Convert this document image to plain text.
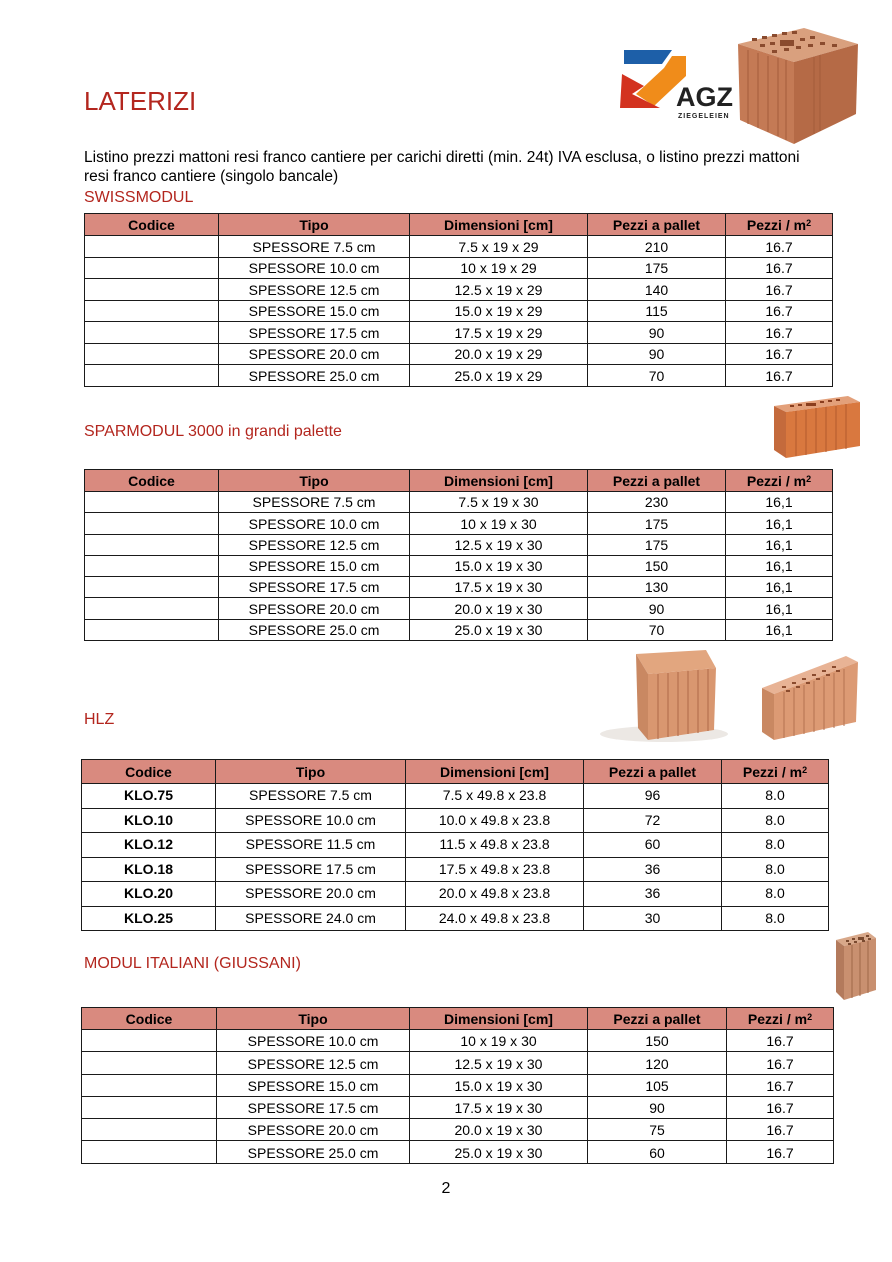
AGZ
ZIEGELEIEN
LATERIZI
Listino prezzi mattoni resi franco cantiere per carichi diretti (min. 24t) IVA esclusa, o listino prezzi mattoni resi franco cantiere (singolo bancale)
SWISSMODUL
Codice	Tipo	Dimensioni [cm]	Pezzi a pallet	Pezzi / $m^2$
	SPESSORE 7.5 cm	7.5 x 19 x 29	210	16.7
	SPESSORE 10.0 cm	10 x 19 x 29	175	16.7
	SPESSORE 12.5 cm	12.5 x 19 x 29	140	16.7
	SPESSORE 15.0 cm	15.0 x 19 x 29	115	16.7
	SPESSORE 17.5 cm	17.5 x 19 x 29	90	16.7
	SPESSORE 20.0 cm	20.0 x 19 x 29	90	16.7
	SPESSORE 25.0 cm	25.0 x 19 x 29	70	16.7
SPARMODUL 3000 in grandi palette
Codice	Tipo	Dimensioni [cm]	Pezzi a pallet	Pezzi / $m^2$
	SPESSORE 7.5 cm	7.5 x 19 x 30	230	16,1
	SPESSORE 10.0 cm	10 x 19 x 30	175	16,1
	SPESSORE 12.5 cm	12.5 x 19 x 30	175	16,1
	SPESSORE 15.0 cm	15.0 x 19 x 30	150	16,1
	SPESSORE 17.5 cm	17.5 x 19 x 30	130	16,1
	SPESSORE 20.0 cm	20.0 x 19 x 30	90	16,1
	SPESSORE 25.0 cm	25.0 x 19 x 30	70	16,1
HLZ
Codice	Tipo	Dimensioni [cm]	Pezzi a pallet	Pezzi / $m^2$
KLO.75	SPESSORE 7.5 cm	7.5 x 49.8 x 23.8	96	8.0
KLO.10	SPESSORE 10.0 cm	10.0 x 49.8 x 23.8	72	8.0
KLO.12	SPESSORE 11.5 cm	11.5 x 49.8 x 23.8	60	8.0
KLO.18	SPESSORE 17.5 cm	17.5 x 49.8 x 23.8	36	8.0
KLO.20	SPESSORE 20.0 cm	20.0 x 49.8 x 23.8	36	8.0
KLO.25	SPESSORE 24.0 cm	24.0 x 49.8 x 23.8	30	8.0
MODUL ITALIANI (GIUSSANI)
Codice	Tipo	Dimensioni [cm]	Pezzi a pallet	Pezzi / $m^2$
	SPESSORE 10.0 cm	10 x 19 x 30	150	16.7
	SPESSORE 12.5 cm	12.5 x 19 x 30	120	16.7
	SPESSORE 15.0 cm	15.0 x 19 x 30	105	16.7
	SPESSORE 17.5 cm	17.5 x 19 x 30	90	16.7
	SPESSORE 20.0 cm	20.0 x 19 x 30	75	16.7
	SPESSORE 25.0 cm	25.0 x 19 x 30	60	16.7
2
